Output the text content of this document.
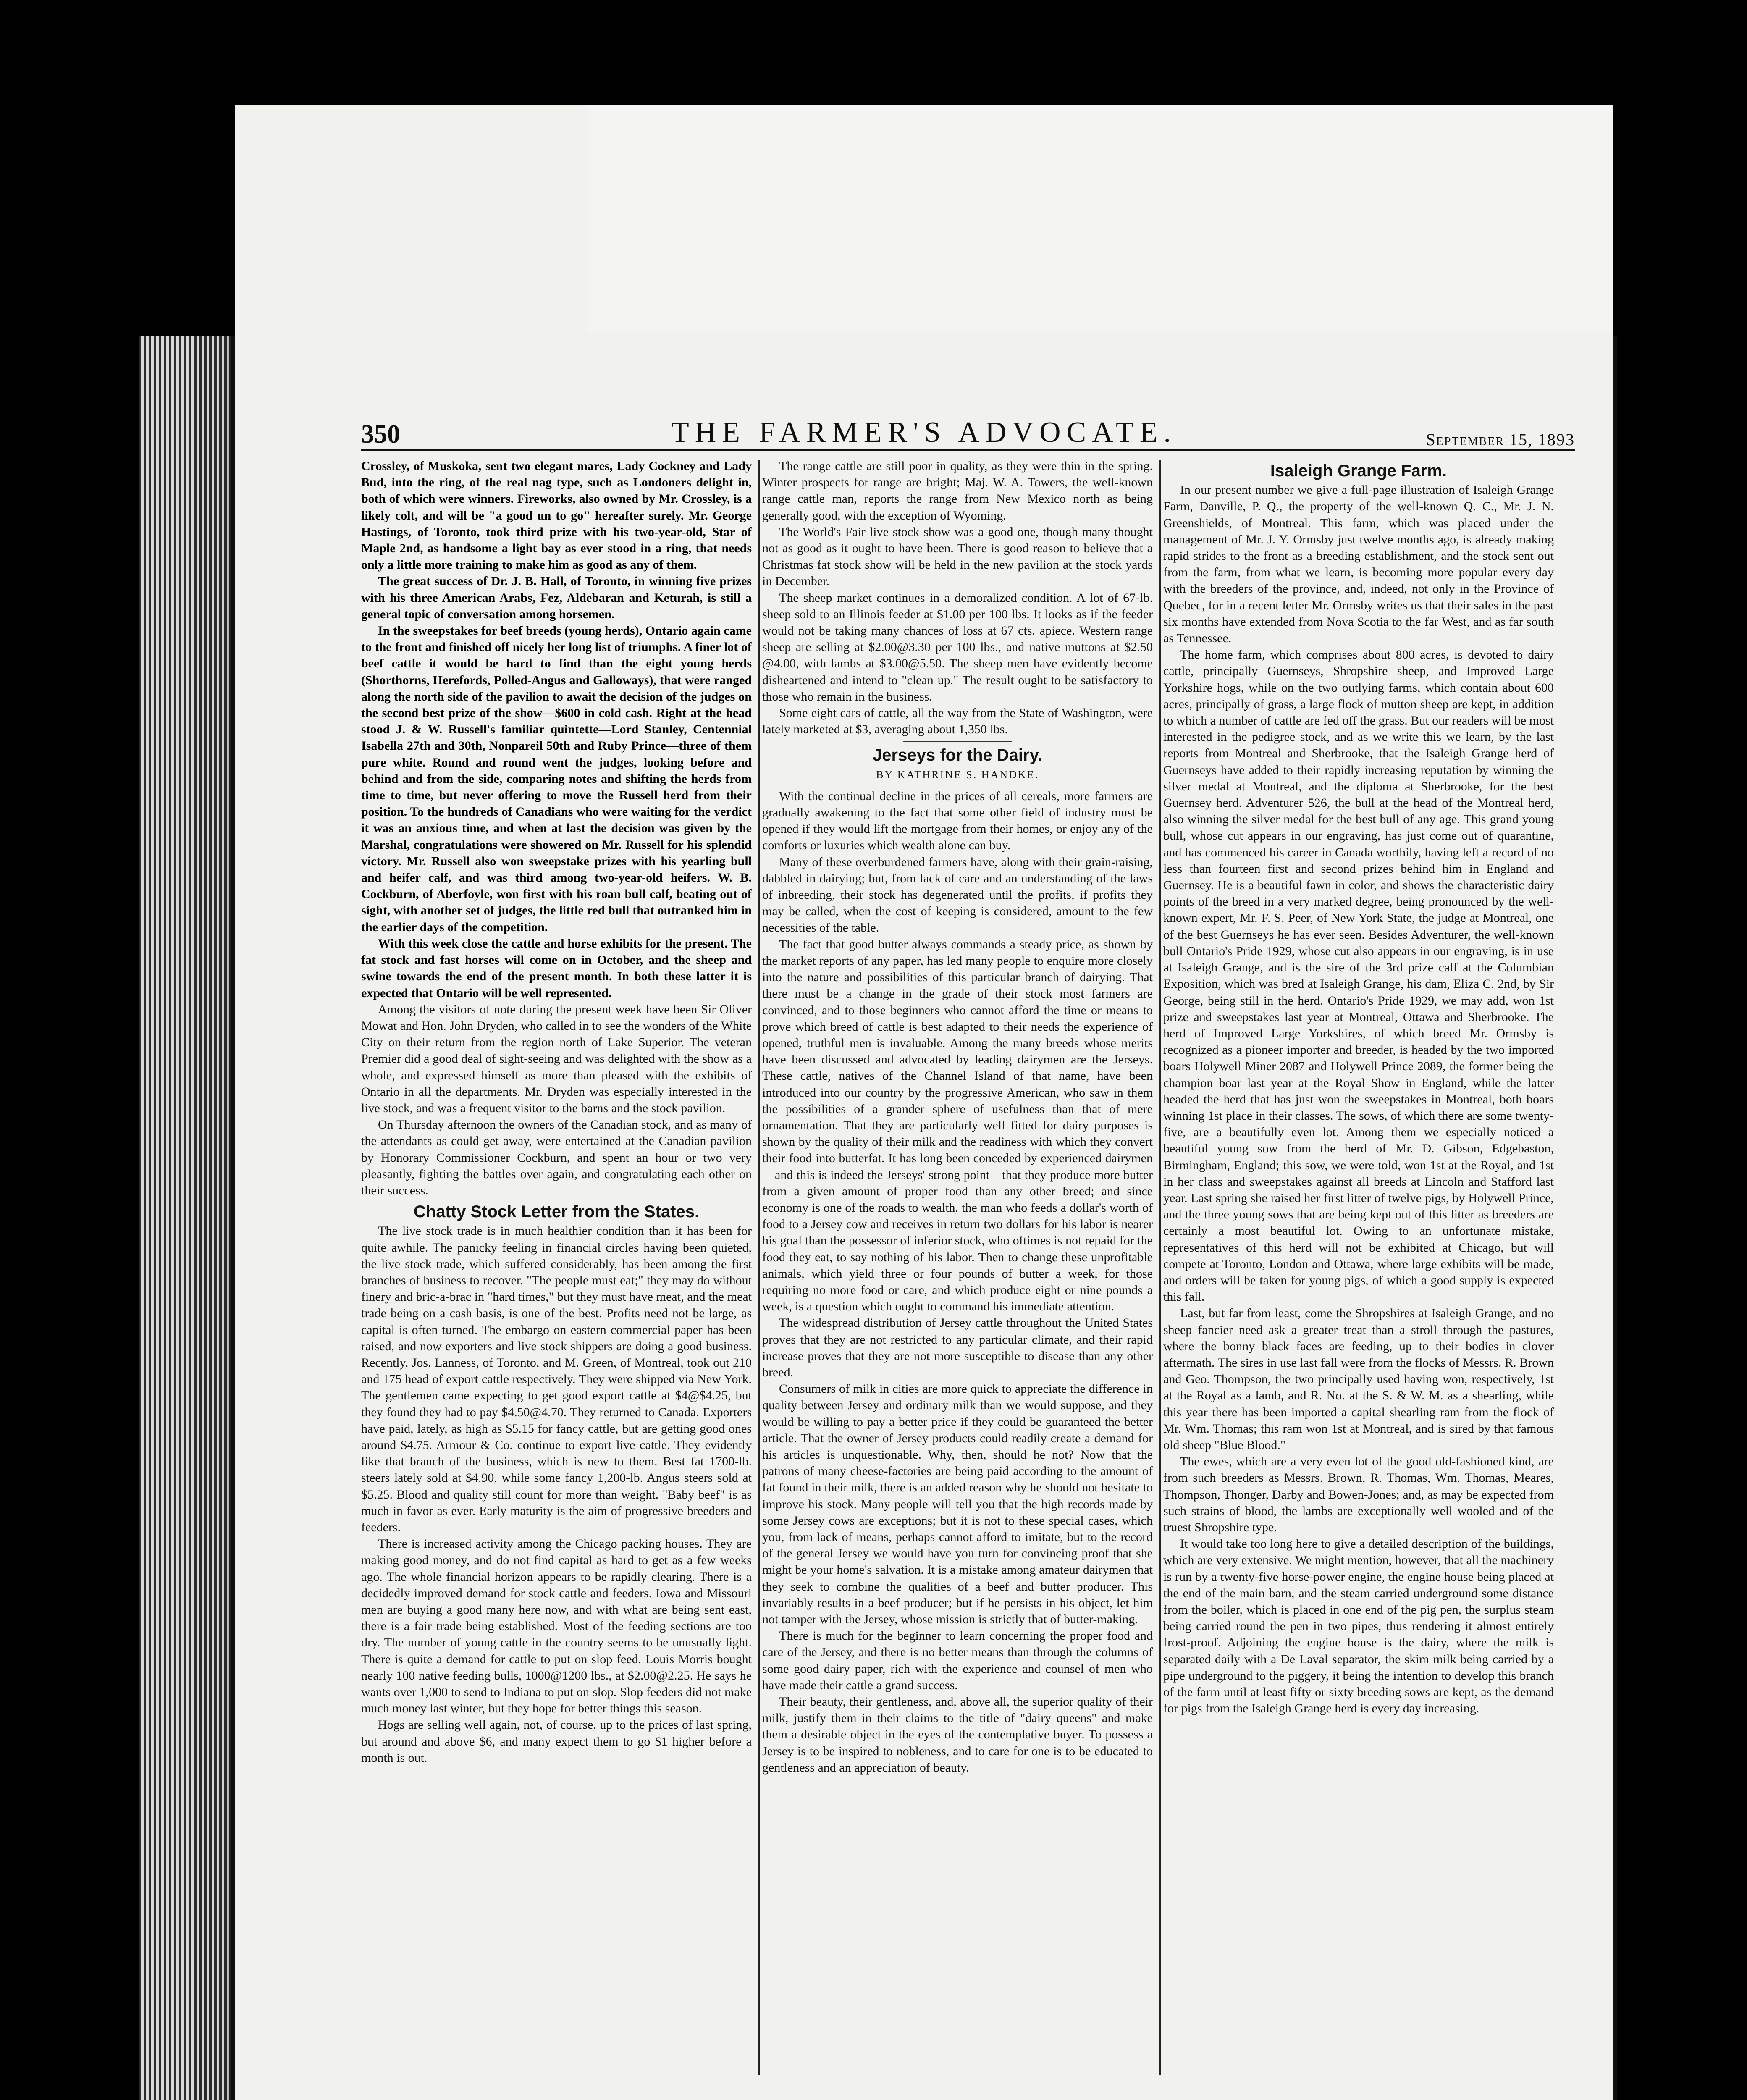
350	THE FARMER'S ADVOCATE.	September 15, 1893

Crossley, of Muskoka, sent two elegant mares, Lady Cockney and Lady Bud, into the ring, of the real nag type, such as Londoners delight in, both of which were winners. Fireworks, also owned by Mr. Crossley, is a likely colt, and will be "a good un to go" hereafter surely. Mr. George Hastings, of Toronto, took third prize with his two-year-old, Star of Maple 2nd, as handsome a light bay as ever stood in a ring, that needs only a little more training to make him as good as any of them.

The great success of Dr. J. B. Hall, of Toronto, in winning five prizes with his three American Arabs, Fez, Aldebaran and Keturah, is still a general topic of conversation among horsemen.

In the sweepstakes for beef breeds (young herds), Ontario again came to the front and finished off nicely her long list of triumphs. A finer lot of beef cattle it would be hard to find than the eight young herds (Shorthorns, Herefords, Polled-Angus and Galloways), that were ranged along the north side of the pavilion to await the decision of the judges on the second best prize of the show—$600 in cold cash. Right at the head stood J. & W. Russell's familiar quintette—Lord Stanley, Centennial Isabella 27th and 30th, Nonpareil 50th and Ruby Prince—three of them pure white. Round and round went the judges, looking before and behind and from the side, comparing notes and shifting the herds from time to time, but never offering to move the Russell herd from their position. To the hundreds of Canadians who were waiting for the verdict it was an anxious time, and when at last the decision was given by the Marshal, congratulations were showered on Mr. Russell for his splendid victory. Mr. Russell also won sweepstake prizes with his yearling bull and heifer calf, and was third among two-year-old heifers. W. B. Cockburn, of Aberfoyle, won first with his roan bull calf, beating out of sight, with another set of judges, the little red bull that outranked him in the earlier days of the competition.

With this week close the cattle and horse exhibits for the present. The fat stock and fast horses will come on in October, and the sheep and swine towards the end of the present month. In both these latter it is expected that Ontario will be well represented.

Among the visitors of note during the present week have been Sir Oliver Mowat and Hon. John Dryden, who called in to see the wonders of the White City on their return from the region north of Lake Superior. The veteran Premier did a good deal of sight-seeing and was delighted with the show as a whole, and expressed himself as more than pleased with the exhibits of Ontario in all the departments. Mr. Dryden was especially interested in the live stock, and was a frequent visitor to the barns and the stock pavilion.

On Thursday afternoon the owners of the Canadian stock, and as many of the attendants as could get away, were entertained at the Canadian pavilion by Honorary Commissioner Cockburn, and spent an hour or two very pleasantly, fighting the battles over again, and congratulating each other on their success.

Chatty Stock Letter from the States.

The live stock trade is in much healthier condition than it has been for quite awhile. The panicky feeling in financial circles having been quieted, the live stock trade, which suffered considerably, has been among the first branches of business to recover. "The people must eat;" they may do without finery and bric-a-brac in "hard times," but they must have meat, and the meat trade being on a cash basis, is one of the best. Profits need not be large, as capital is often turned. The embargo on eastern commercial paper has been raised, and now exporters and live stock shippers are doing a good business. Recently, Jos. Lanness, of Toronto, and M. Green, of Montreal, took out 210 and 175 head of export cattle respectively. They were shipped via New York. The gentlemen came expecting to get good export cattle at $4@$4.25, but they found they had to pay $4.50@4.70. They returned to Canada. Exporters have paid, lately, as high as $5.15 for fancy cattle, but are getting good ones around $4.75. Armour & Co. continue to export live cattle. They evidently like that branch of the business, which is new to them. Best fat 1700-lb. steers lately sold at $4.90, while some fancy 1,200-lb. Angus steers sold at $5.25. Blood and quality still count for more than weight. "Baby beef" is as much in favor as ever. Early maturity is the aim of progressive breeders and feeders.

There is increased activity among the Chicago packing houses. They are making good money, and do not find capital as hard to get as a few weeks ago. The whole financial horizon appears to be rapidly clearing. There is a decidedly improved demand for stock cattle and feeders. Iowa and Missouri men are buying a good many here now, and with what are being sent east, there is a fair trade being established. Most of the feeding sections are too dry. The number of young cattle in the country seems to be unusually light. There is quite a demand for cattle to put on slop feed. Louis Morris bought nearly 100 native feeding bulls, 1000@1200 lbs., at $2.00@2.25. He says he wants over 1,000 to send to Indiana to put on slop. Slop feeders did not make much money last winter, but they hope for better things this season.

Hogs are selling well again, not, of course, up to the prices of last spring, but around and above $6, and many expect them to go $1 higher before a month is out.

The range cattle are still poor in quality, as they were thin in the spring. Winter prospects for range are bright; Maj. W. A. Towers, the well-known range cattle man, reports the range from New Mexico north as being generally good, with the exception of Wyoming.

The World's Fair live stock show was a good one, though many thought not as good as it ought to have been. There is good reason to believe that a Christmas fat stock show will be held in the new pavilion at the stock yards in December.

The sheep market continues in a demoralized condition. A lot of 67-lb. sheep sold to an Illinois feeder at $1.00 per 100 lbs. It looks as if the feeder would not be taking many chances of loss at 67 cts. apiece. Western range sheep are selling at $2.00@3.30 per 100 lbs., and native muttons at $2.50 @4.00, with lambs at $3.00@5.50. The sheep men have evidently become disheartened and intend to "clean up." The result ought to be satisfactory to those who remain in the business.

Some eight cars of cattle, all the way from the State of Washington, were lately marketed at $3, averaging about 1,350 lbs.

Jerseys for the Dairy.
BY KATHRINE S. HANDKE.

With the continual decline in the prices of all cereals, more farmers are gradually awakening to the fact that some other field of industry must be opened if they would lift the mortgage from their homes, or enjoy any of the comforts or luxuries which wealth alone can buy.

Many of these overburdened farmers have, along with their grain-raising, dabbled in dairying; but, from lack of care and an understanding of the laws of inbreeding, their stock has degenerated until the profits, if profits they may be called, when the cost of keeping is considered, amount to the few necessities of the table.

The fact that good butter always commands a steady price, as shown by the market reports of any paper, has led many people to enquire more closely into the nature and possibilities of this particular branch of dairying. That there must be a change in the grade of their stock most farmers are convinced, and to those beginners who cannot afford the time or means to prove which breed of cattle is best adapted to their needs the experience of opened, truthful men is invaluable. Among the many breeds whose merits have been discussed and advocated by leading dairymen are the Jerseys. These cattle, natives of the Channel Island of that name, have been introduced into our country by the progressive American, who saw in them the possibilities of a grander sphere of usefulness than that of mere ornamentation. That they are particularly well fitted for dairy purposes is shown by the quality of their milk and the readiness with which they convert their food into butterfat. It has long been conceded by experienced dairymen—and this is indeed the Jerseys' strong point—that they produce more butter from a given amount of proper food than any other breed; and since economy is one of the roads to wealth, the man who feeds a dollar's worth of food to a Jersey cow and receives in return two dollars for his labor is nearer his goal than the possessor of inferior stock, who oftimes is not repaid for the food they eat, to say nothing of his labor. Then to change these unprofitable animals, which yield three or four pounds of butter a week, for those requiring no more food or care, and which produce eight or nine pounds a week, is a question which ought to command his immediate attention.

The widespread distribution of Jersey cattle throughout the United States proves that they are not restricted to any particular climate, and their rapid increase proves that they are not more susceptible to disease than any other breed.

Consumers of milk in cities are more quick to appreciate the difference in quality between Jersey and ordinary milk than we would suppose, and they would be willing to pay a better price if they could be guaranteed the better article. That the owner of Jersey products could readily create a demand for his articles is unquestionable. Why, then, should he not? Now that the patrons of many cheese-factories are being paid according to the amount of fat found in their milk, there is an added reason why he should not hesitate to improve his stock. Many people will tell you that the high records made by some Jersey cows are exceptions; but it is not to these special cases, which you, from lack of means, perhaps cannot afford to imitate, but to the record of the general Jersey we would have you turn for convincing proof that she might be your home's salvation. It is a mistake among amateur dairymen that they seek to combine the qualities of a beef and butter producer. This invariably results in a beef producer; but if he persists in his object, let him not tamper with the Jersey, whose mission is strictly that of butter-making.

There is much for the beginner to learn concerning the proper food and care of the Jersey, and there is no better means than through the columns of some good dairy paper, rich with the experience and counsel of men who have made their cattle a grand success.

Their beauty, their gentleness, and, above all, the superior quality of their milk, justify them in their claims to the title of "dairy queens" and make them a desirable object in the eyes of the contemplative buyer. To possess a Jersey is to be inspired to nobleness, and to care for one is to be educated to gentleness and an appreciation of beauty.

Isaleigh Grange Farm.

In our present number we give a full-page illustration of Isaleigh Grange Farm, Danville, P. Q., the property of the well-known Q. C., Mr. J. N. Greenshields, of Montreal. This farm, which was placed under the management of Mr. J. Y. Ormsby just twelve months ago, is already making rapid strides to the front as a breeding establishment, and the stock sent out from the farm, from what we learn, is becoming more popular every day with the breeders of the province, and, indeed, not only in the Province of Quebec, for in a recent letter Mr. Ormsby writes us that their sales in the past six months have extended from Nova Scotia to the far West, and as far south as Tennessee.

The home farm, which comprises about 800 acres, is devoted to dairy cattle, principally Guernseys, Shropshire sheep, and Improved Large Yorkshire hogs, while on the two outlying farms, which contain about 600 acres, principally of grass, a large flock of mutton sheep are kept, in addition to which a number of cattle are fed off the grass. But our readers will be most interested in the pedigree stock, and as we write this we learn, by the last reports from Montreal and Sherbrooke, that the Isaleigh Grange herd of Guernseys have added to their rapidly increasing reputation by winning the silver medal at Montreal, and the diploma at Sherbrooke, for the best Guernsey herd. Adventurer 526, the bull at the head of the Montreal herd, also winning the silver medal for the best bull of any age. This grand young bull, whose cut appears in our engraving, has just come out of quarantine, and has commenced his career in Canada worthily, having left a record of no less than fourteen first and second prizes behind him in England and Guernsey. He is a beautiful fawn in color, and shows the characteristic dairy points of the breed in a very marked degree, being pronounced by the well-known expert, Mr. F. S. Peer, of New York State, the judge at Montreal, one of the best Guernseys he has ever seen. Besides Adventurer, the well-known bull Ontario's Pride 1929, whose cut also appears in our engraving, is in use at Isaleigh Grange, and is the sire of the 3rd prize calf at the Columbian Exposition, which was bred at Isaleigh Grange, his dam, Eliza C. 2nd, by Sir George, being still in the herd. Ontario's Pride 1929, we may add, won 1st prize and sweepstakes last year at Montreal, Ottawa and Sherbrooke. The herd of Improved Large Yorkshires, of which breed Mr. Ormsby is recognized as a pioneer importer and breeder, is headed by the two imported boars Holywell Miner 2087 and Holywell Prince 2089, the former being the champion boar last year at the Royal Show in England, while the latter headed the herd that has just won the sweepstakes in Montreal, both boars winning 1st place in their classes. The sows, of which there are some twenty-five, are a beautifully even lot. Among them we especially noticed a beautiful young sow from the herd of Mr. D. Gibson, Edgebaston, Birmingham, England; this sow, we were told, won 1st at the Royal, and 1st in her class and sweepstakes against all breeds at Lincoln and Stafford last year. Last spring she raised her first litter of twelve pigs, by Holywell Prince, and the three young sows that are being kept out of this litter as breeders are certainly a most beautiful lot. Owing to an unfortunate mistake, representatives of this herd will not be exhibited at Chicago, but will compete at Toronto, London and Ottawa, where large exhibits will be made, and orders will be taken for young pigs, of which a good supply is expected this fall.

Last, but far from least, come the Shropshires at Isaleigh Grange, and no sheep fancier need ask a greater treat than a stroll through the pastures, where the bonny black faces are feeding, up to their bodies in clover aftermath. The sires in use last fall were from the flocks of Messrs. R. Brown and Geo. Thompson, the two principally used having won, respectively, 1st at the Royal as a lamb, and R. No. at the S. & W. M. as a shearling, while this year there has been imported a capital shearling ram from the flock of Mr. Wm. Thomas; this ram won 1st at Montreal, and is sired by that famous old sheep "Blue Blood."

The ewes, which are a very even lot of the good old-fashioned kind, are from such breeders as Messrs. Brown, R. Thomas, Wm. Thomas, Meares, Thompson, Thonger, Darby and Bowen-Jones; and, as may be expected from such strains of blood, the lambs are exceptionally well wooled and of the truest Shropshire type.

It would take too long here to give a detailed description of the buildings, which are very extensive. We might mention, however, that all the machinery is run by a twenty-five horse-power engine, the engine house being placed at the end of the main barn, and the steam carried underground some distance from the boiler, which is placed in one end of the pig pen, the surplus steam being carried round the pen in two pipes, thus rendering it almost entirely frost-proof. Adjoining the engine house is the dairy, where the milk is separated daily with a De Laval separator, the skim milk being carried by a pipe underground to the piggery, it being the intention to develop this branch of the farm until at least fifty or sixty breeding sows are kept, as the demand for pigs from the Isaleigh Grange herd is every day increasing.
